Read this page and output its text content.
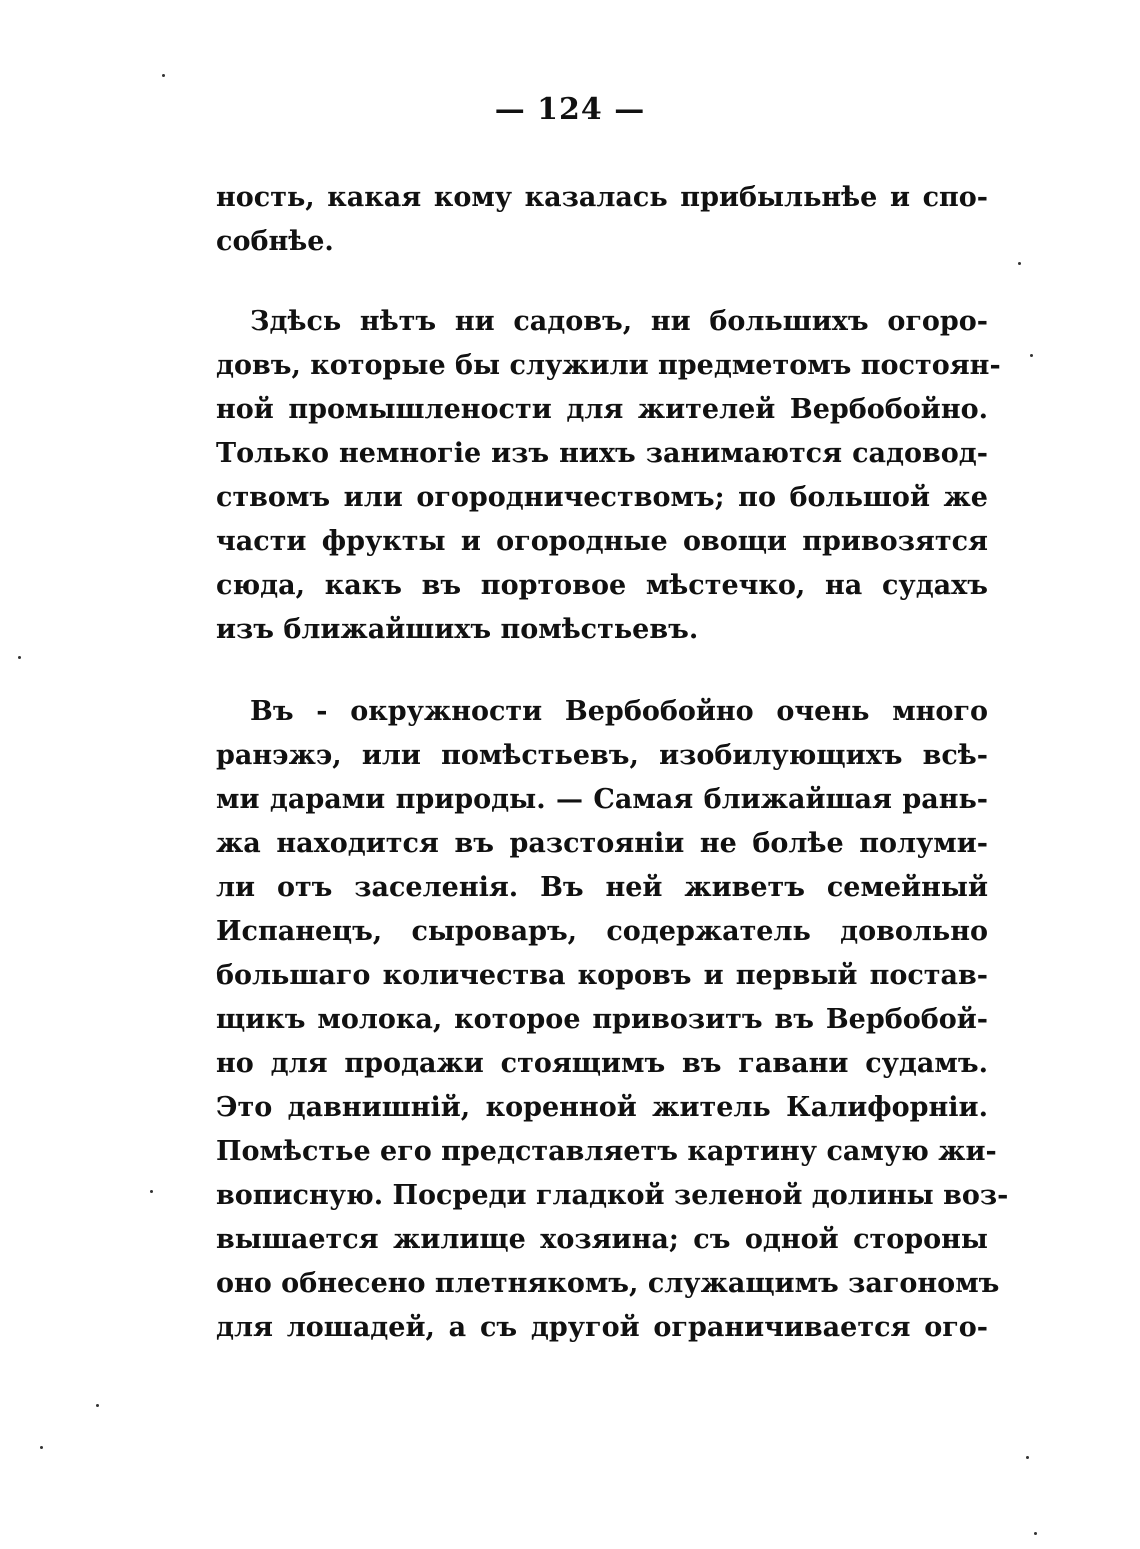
— 124 —
ность, какая кому казалась прибыльнѣе и спо-
собнѣе.
Здѣсь нѣтъ ни садовъ, ни большихъ огоро-
довъ, которые бы служили предметомъ постоян-
ной промышлености для жителей Вербобойно.
Только немногіе изъ нихъ занимаются садовод-
ствомъ или огородничествомъ; по большой же
части фрукты и огородные овощи привозятся
сюда, какъ въ портовое мѣстечко, на судахъ
изъ ближайшихъ помѣстьевъ.
Въ - окружности Вербобойно очень много
ранэжэ, или помѣстьевъ, изобилующихъ всѣ-
ми дарами природы. — Самая ближайшая рань-
жа находится въ разстояніи не болѣе полуми-
ли отъ заселенія. Въ ней живетъ семейный
Испанецъ, сыроваръ, содержатель довольно
большаго количества коровъ и первый постав-
щикъ молока, которое привозитъ въ Вербобой-
но для продажи стоящимъ въ гавани судамъ.
Это давнишній, коренной житель Калифорніи.
Помѣстье его представляетъ картину самую жи-
вописную. Посреди гладкой зеленой долины воз-
вышается жилище хозяина; съ одной стороны
оно обнесено плетнякомъ, служащимъ загономъ
для лошадей, а съ другой ограничивается ого-
